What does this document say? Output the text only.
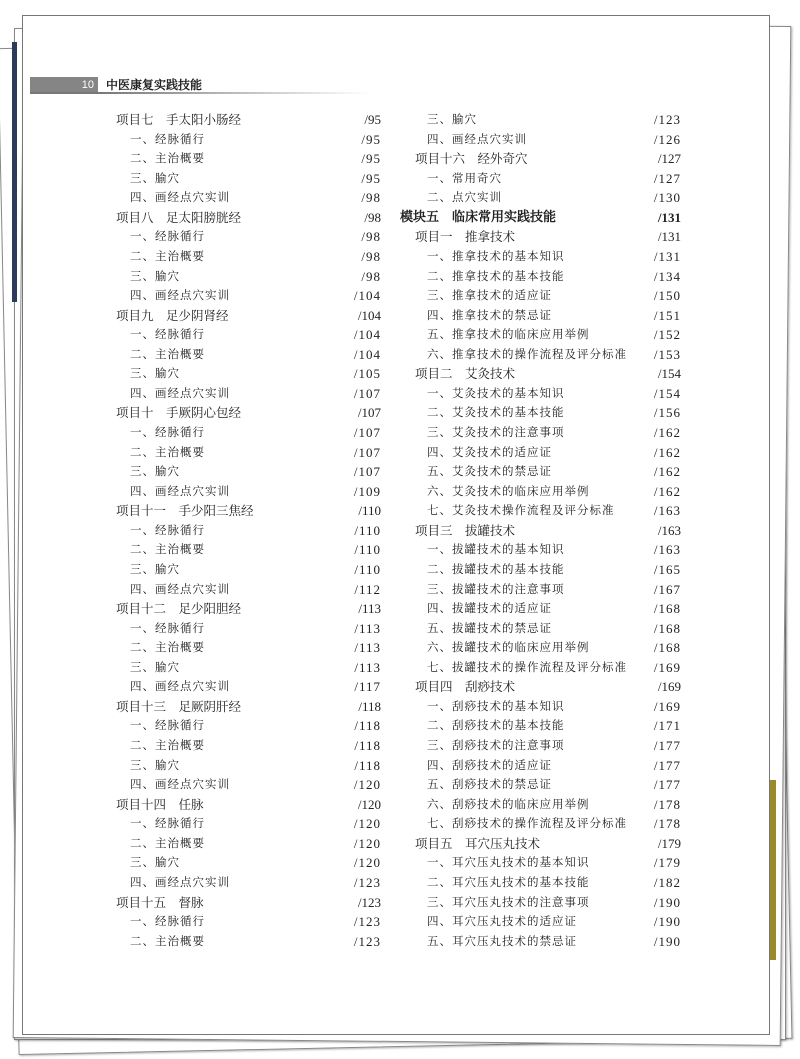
10	中医康复实践技能
项目七　手太阳小肠经	/95
一、经脉循行	/95
二、主治概要	/95
三、腧穴	/95
四、画经点穴实训	/98
项目八　足太阳膀胱经	/98
一、经脉循行	/98
二、主治概要	/98
三、腧穴	/98
四、画经点穴实训	/104
项目九　足少阴肾经	/104
一、经脉循行	/104
二、主治概要	/104
三、腧穴	/105
四、画经点穴实训	/107
项目十　手厥阴心包经	/107
一、经脉循行	/107
二、主治概要	/107
三、腧穴	/107
四、画经点穴实训	/109
项目十一　手少阳三焦经	/110
一、经脉循行	/110
二、主治概要	/110
三、腧穴	/110
四、画经点穴实训	/112
项目十二　足少阳胆经	/113
一、经脉循行	/113
二、主治概要	/113
三、腧穴	/113
四、画经点穴实训	/117
项目十三　足厥阴肝经	/118
一、经脉循行	/118
二、主治概要	/118
三、腧穴	/118
四、画经点穴实训	/120
项目十四　任脉	/120
一、经脉循行	/120
二、主治概要	/120
三、腧穴	/120
四、画经点穴实训	/123
项目十五　督脉	/123
一、经脉循行	/123
二、主治概要	/123
三、腧穴	/123
四、画经点穴实训	/126
项目十六　经外奇穴	/127
一、常用奇穴	/127
二、点穴实训	/130
模块五　临床常用实践技能	/131
项目一　推拿技术	/131
一、推拿技术的基本知识	/131
二、推拿技术的基本技能	/134
三、推拿技术的适应证	/150
四、推拿技术的禁忌证	/151
五、推拿技术的临床应用举例	/152
六、推拿技术的操作流程及评分标准 /153
项目二　艾灸技术	/154
一、艾灸技术的基本知识	/154
二、艾灸技术的基本技能	/156
三、艾灸技术的注意事项	/162
四、艾灸技术的适应证	/162
五、艾灸技术的禁忌证	/162
六、艾灸技术的临床应用举例	/162
七、艾灸技术操作流程及评分标准	/163
项目三　拔罐技术	/163
一、拔罐技术的基本知识	/163
二、拔罐技术的基本技能	/165
三、拔罐技术的注意事项	/167
四、拔罐技术的适应证	/168
五、拔罐技术的禁忌证	/168
六、拔罐技术的临床应用举例	/168
七、拔罐技术的操作流程及评分标准 /169
项目四　刮痧技术	/169
一、刮痧技术的基本知识	/169
二、刮痧技术的基本技能	/171
三、刮痧技术的注意事项	/177
四、刮痧技术的适应证	/177
五、刮痧技术的禁忌证	/177
六、刮痧技术的临床应用举例	/178
七、刮痧技术的操作流程及评分标准 /178
项目五　耳穴压丸技术	/179
一、耳穴压丸技术的基本知识	/179
二、耳穴压丸技术的基本技能	/182
三、耳穴压丸技术的注意事项	/190
四、耳穴压丸技术的适应证	/190
五、耳穴压丸技术的禁忌证	/190
